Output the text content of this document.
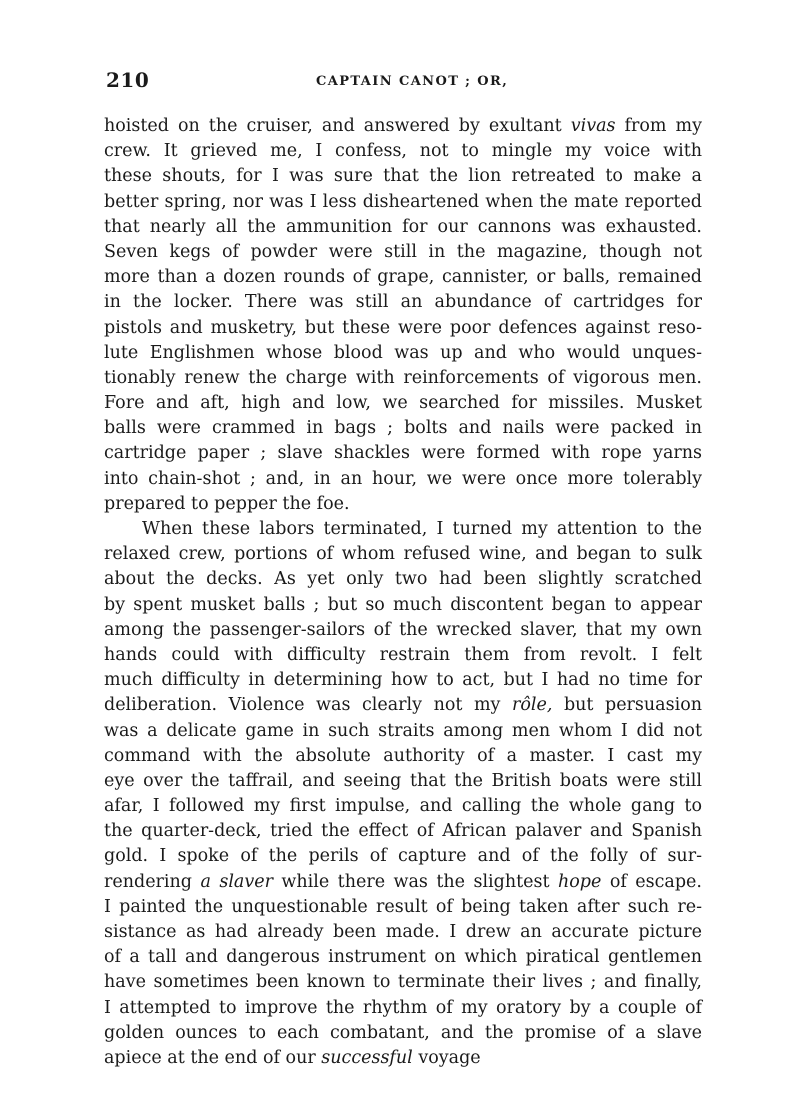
210	CAPTAIN CANOT ; OR,
hoisted on the cruiser, and answered by exultant vivas from my
crew. It grieved me, I confess, not to mingle my voice with
these shouts, for I was sure that the lion retreated to make a
better spring, nor was I less disheartened when the mate reported
that nearly all the ammunition for our cannons was exhausted.
Seven kegs of powder were still in the magazine, though not
more than a dozen rounds of grape, cannister, or balls, remained
in the locker. There was still an abundance of cartridges for
pistols and musketry, but these were poor defences against reso-
lute Englishmen whose blood was up and who would unques-
tionably renew the charge with reinforcements of vigorous men.
Fore and aft, high and low, we searched for missiles. Musket
balls were crammed in bags ; bolts and nails were packed in
cartridge paper ; slave shackles were formed with rope yarns
into chain-shot ; and, in an hour, we were once more tolerably
prepared to pepper the foe.
When these labors terminated, I turned my attention to the
relaxed crew, portions of whom refused wine, and began to sulk
about the decks. As yet only two had been slightly scratched
by spent musket balls ; but so much discontent began to appear
among the passenger-sailors of the wrecked slaver, that my own
hands could with difficulty restrain them from revolt. I felt
much difficulty in determining how to act, but I had no time for
deliberation. Violence was clearly not my rôle, but persuasion
was a delicate game in such straits among men whom I did not
command with the absolute authority of a master. I cast my
eye over the taffrail, and seeing that the British boats were still
afar, I followed my first impulse, and calling the whole gang to
the quarter-deck, tried the effect of African palaver and Spanish
gold. I spoke of the perils of capture and of the folly of sur-
rendering a slaver while there was the slightest hope of escape.
I painted the unquestionable result of being taken after such re-
sistance as had already been made. I drew an accurate picture
of a tall and dangerous instrument on which piratical gentlemen
have sometimes been known to terminate their lives ; and finally,
I attempted to improve the rhythm of my oratory by a couple of
golden ounces to each combatant, and the promise of a slave
apiece at the end of our successful voyage
